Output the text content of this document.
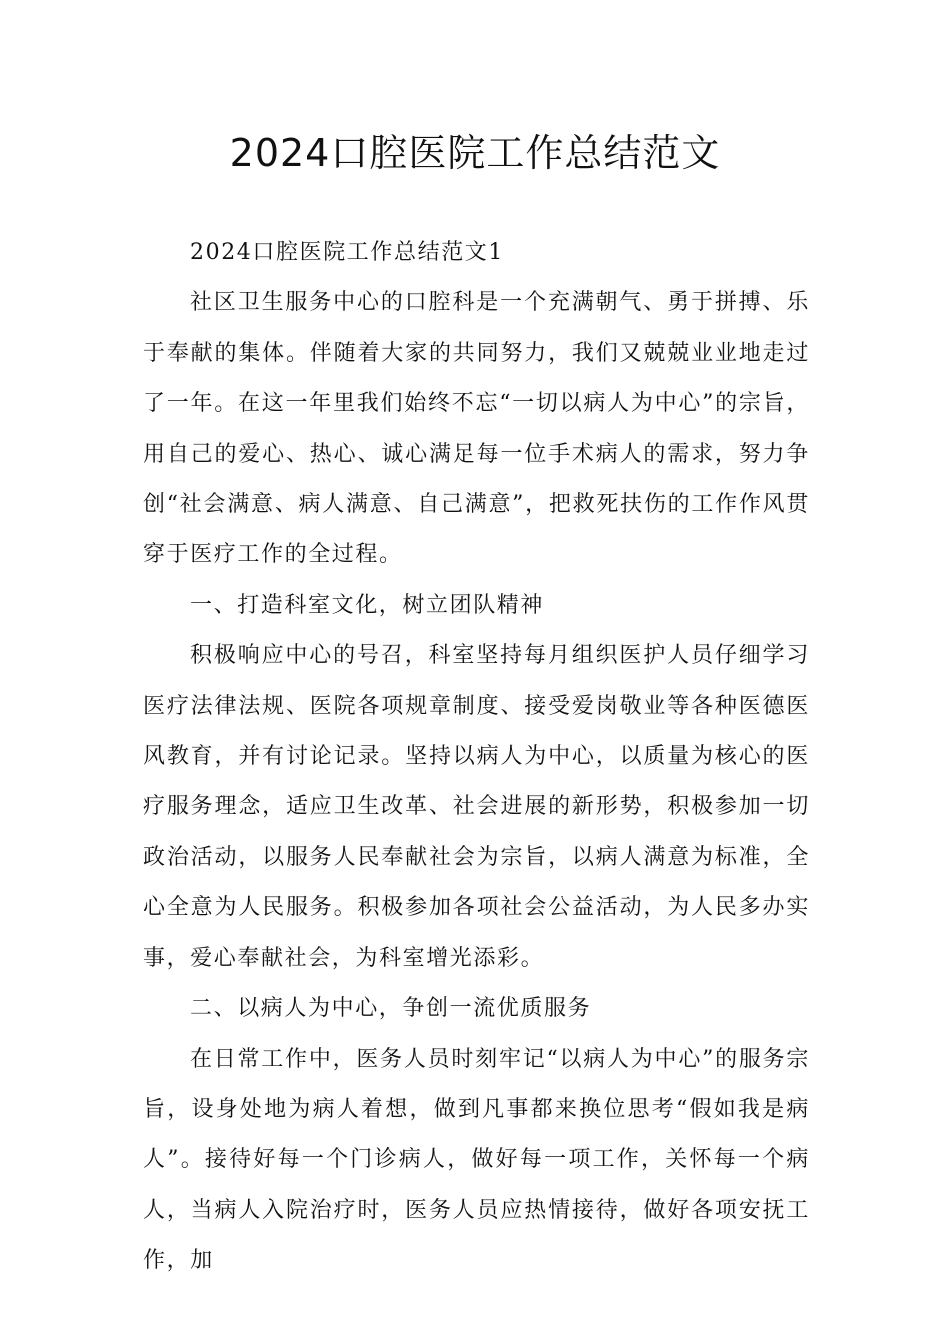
2024口腔医院工作总结范文

2024口腔医院工作总结范文1

社区卫生服务中心的口腔科是一个充满朝气、勇于拼搏、乐于奉献的集体。伴随着大家的共同努力，我们又兢兢业业地走过了一年。在这一年里我们始终不忘“一切以病人为中心”的宗旨，用自己的爱心、热心、诚心满足每一位手术病人的需求，努力争创“社会满意、病人满意、自己满意”，把救死扶伤的工作作风贯穿于医疗工作的全过程。

一、打造科室文化，树立团队精神

积极响应中心的号召，科室坚持每月组织医护人员仔细学习医疗法律法规、医院各项规章制度、接受爱岗敬业等各种医德医风教育，并有讨论记录。坚持以病人为中心，以质量为核心的医疗服务理念，适应卫生改革、社会进展的新形势，积极参加一切政治活动，以服务人民奉献社会为宗旨，以病人满意为标准，全心全意为人民服务。积极参加各项社会公益活动，为人民多办实事，爱心奉献社会，为科室增光添彩。

二、以病人为中心，争创一流优质服务

在日常工作中，医务人员时刻牢记“以病人为中心”的服务宗旨，设身处地为病人着想，做到凡事都来换位思考“假如我是病人”。接待好每一个门诊病人，做好每一项工作，关怀每一个病人，当病人入院治疗时，医务人员应热情接待，做好各项安抚工作，加
